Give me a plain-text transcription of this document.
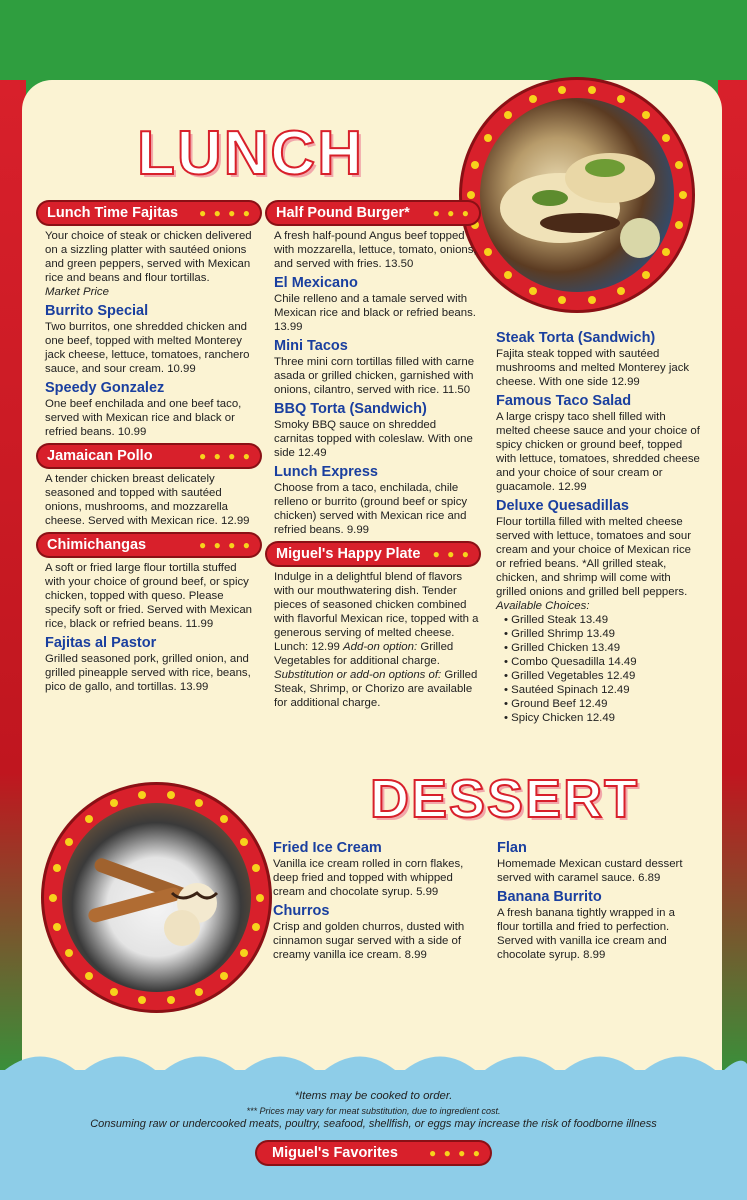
LUNCH
DESSERT
Lunch Time Fajitas ● ● ● ●
Your choice of steak or chicken delivered on a sizzling platter with sautéed onions and green peppers, served with Mexican rice and beans and flour tortillas.
Market Price
Burrito Special
Two burritos, one shredded chicken and one beef, topped with melted Monterey jack cheese, lettuce, tomatoes, ranchero sauce, and sour cream. 10.99
Speedy Gonzalez
One beef enchilada and one beef taco, served with Mexican rice and black or refried beans. 10.99
Jamaican Pollo	● ● ● ●
A tender chicken breast delicately seasoned and topped with sautéed onions, mushrooms, and mozzarella cheese. Served with Mexican rice. 12.99
Chimichangas	● ● ● ●
A soft or fried large flour tortilla stuffed with your choice of ground beef, or spicy chicken, topped with queso. Please specify soft or fried. Served with Mexican rice, black or refried beans. 11.99
Fajitas al Pastor
Grilled seasoned pork, grilled onion, and grilled pineapple served with rice, beans, pico de gallo, and tortillas. 13.99
Half Pound Burger* ● ● ●
A fresh half-pound Angus beef topped with mozzarella, lettuce, tomato, onions, and served with fries. 13.50
El Mexicano
Chile relleno and a tamale served with Mexican rice and black or refried beans. 13.99
Mini Tacos
Three mini corn tortillas filled with carne asada or grilled chicken, garnished with onions, cilantro, served with rice. 11.50
BBQ Torta (Sandwich)
Smoky BBQ sauce on shredded carnitas topped with coleslaw. With one side 12.49
Lunch Express
Choose from a taco, enchilada, chile relleno or burrito (ground beef or spicy chicken) served with Mexican rice and refried beans. 9.99
Miguel's Happy Plate ● ● ●
Indulge in a delightful blend of flavors with our mouthwatering dish. Tender pieces of seasoned chicken combined with flavorful Mexican rice, topped with a generous serving of melted cheese. Lunch: 12.99 Add-on option: Grilled Vegetables for additional charge. Substitution or add-on options of: Grilled Steak, Shrimp, or Chorizo are available for additional charge.
Steak Torta (Sandwich)
Fajita steak topped with sautéed mushrooms and melted Monterey jack cheese. With one side 12.99
Famous Taco Salad
A large crispy taco shell filled with melted cheese sauce and your choice of spicy chicken or ground beef, topped with lettuce, tomatoes, shredded cheese and your choice of sour cream or guacamole. 12.99
Deluxe Quesadillas
Flour tortilla filled with melted cheese served with lettuce, tomatoes and sour cream and your choice of Mexican rice or refried beans. *All grilled steak, chicken, and shrimp will come with grilled onions and grilled bell peppers.
Available Choices:
• Grilled Steak 13.49
• Grilled Shrimp 13.49
• Grilled Chicken 13.49
• Combo Quesadilla 14.49
• Grilled Vegetables 12.49
• Sautéed Spinach 12.49
• Ground Beef 12.49
• Spicy Chicken 12.49
Fried Ice Cream
Vanilla ice cream rolled in corn flakes, deep fried and topped with whipped cream and chocolate syrup. 5.99
Churros
Crisp and golden churros, dusted with cinnamon sugar served with a side of creamy vanilla ice cream. 8.99
Flan
Homemade Mexican custard dessert served with caramel sauce. 6.89
Banana Burrito
A fresh banana tightly wrapped in a flour tortilla and fried to perfection. Served with vanilla ice cream and chocolate syrup. 8.99
*Items may be cooked to order.
*** Prices may vary for meat substitution, due to ingredient cost.
Consuming raw or undercooked meats, poultry, seafood, shellfish, or eggs may increase the risk of foodborne illness
Miguel's Favorites	● ● ● ●
